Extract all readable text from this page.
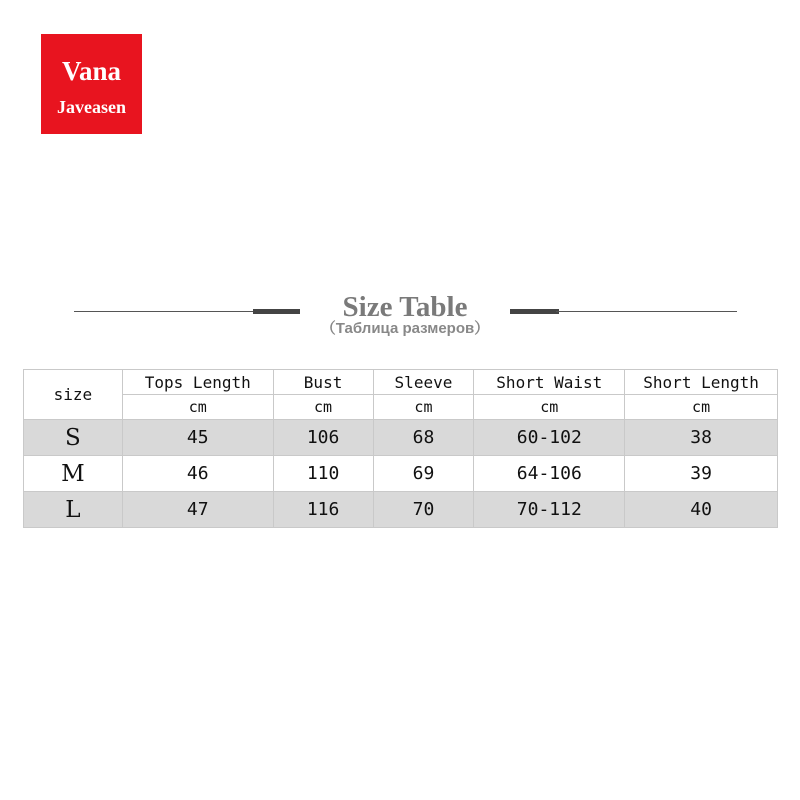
Vana
Javeasen
Size Table
（Таблица размеров）
size	Tops Length	Bust	Sleeve	Short Waist	Short Length
	cm	cm	cm	cm	cm
S	45	106	68	60-102	38
M	46	110	69	64-106	39
L	47	116	70	70-112	40
